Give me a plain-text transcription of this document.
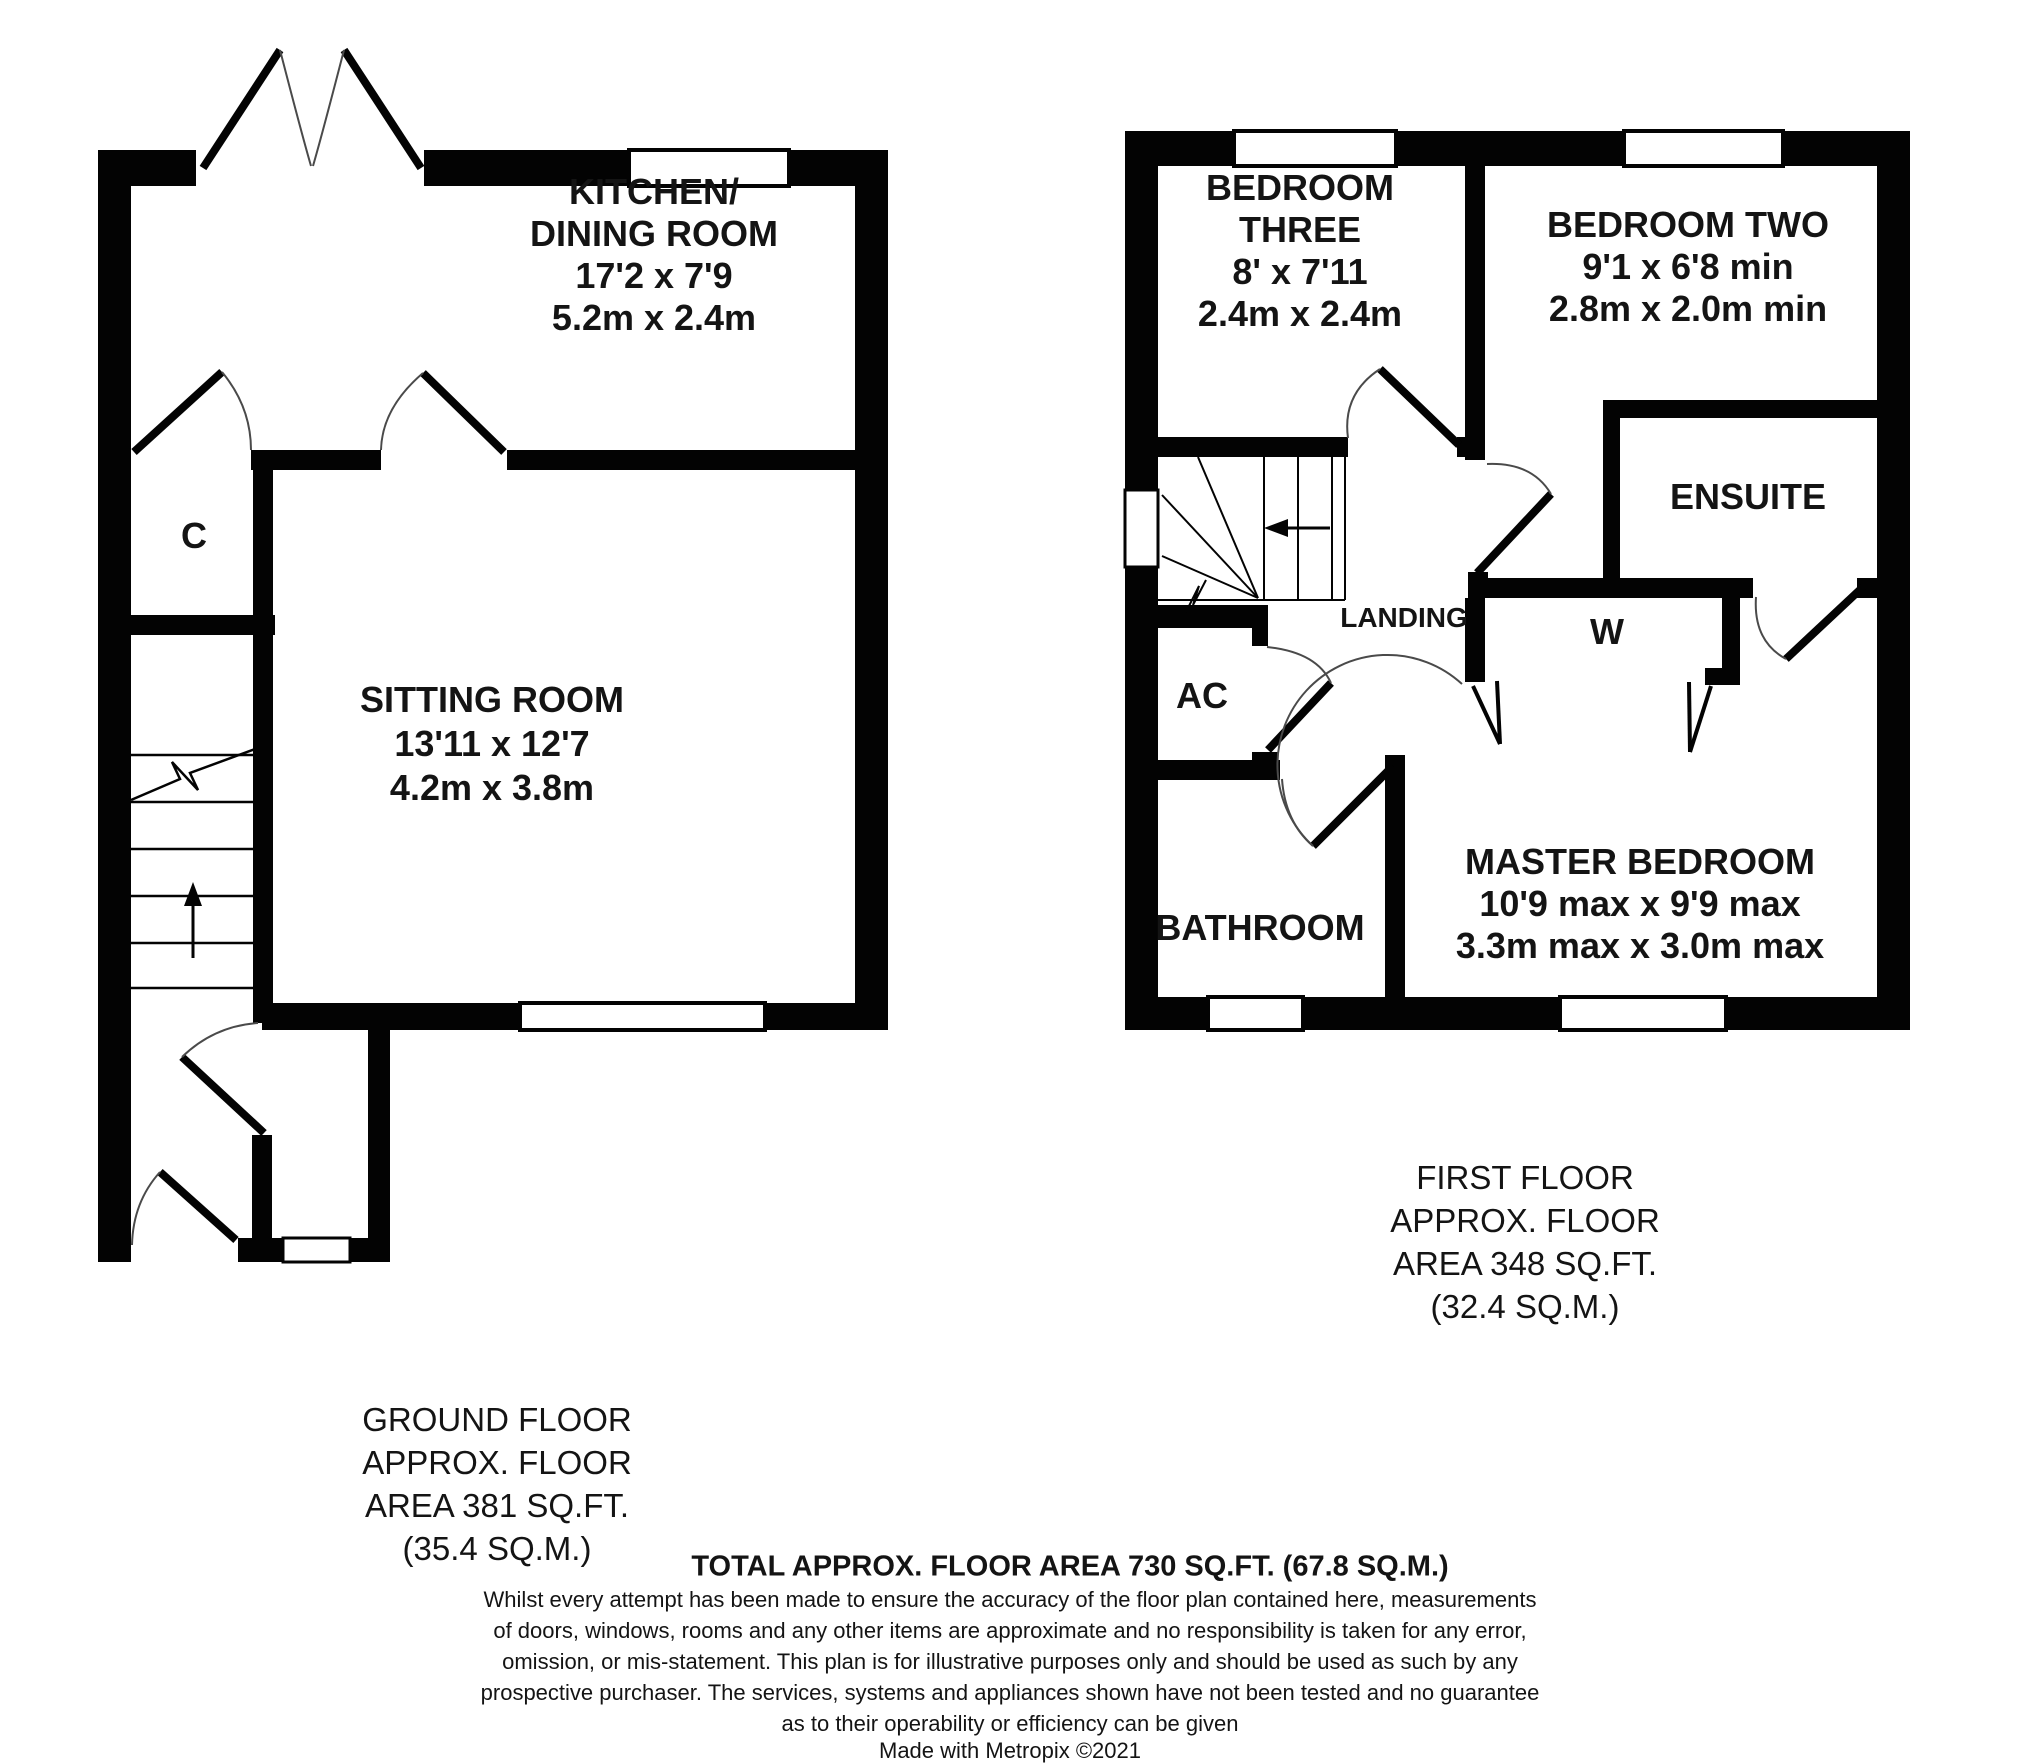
KITCHEN/
DINING ROOM
17'2 x 7'9
5.2m x 2.4m
C
SITTING ROOM
13'11 x 12'7
4.2m x 3.8m
GROUND FLOOR
APPROX. FLOOR
AREA 381 SQ.FT.
(35.4 SQ.M.)
BEDROOM
THREE
8' x 7'11
2.4m x 2.4m
BEDROOM TWO
9'1 x 6'8 min
2.8m x 2.0m min
ENSUITE
LANDING	W
AC
BATHROOM
MASTER BEDROOM
10'9 max x 9'9 max
3.3m max x 3.0m max
FIRST FLOOR
APPROX. FLOOR
AREA 348 SQ.FT.
(32.4 SQ.M.)
TOTAL APPROX. FLOOR AREA 730 SQ.FT. (67.8 SQ.M.)
Whilst every attempt has been made to ensure the accuracy of the floor plan contained here, measurements
of doors, windows, rooms and any other items are approximate and no responsibility is taken for any error,
omission, or mis-statement. This plan is for illustrative purposes only and should be used as such by any
prospective purchaser. The services, systems and appliances shown have not been tested and no guarantee
as to their operability or efficiency can be given
Made with Metropix ©2021
